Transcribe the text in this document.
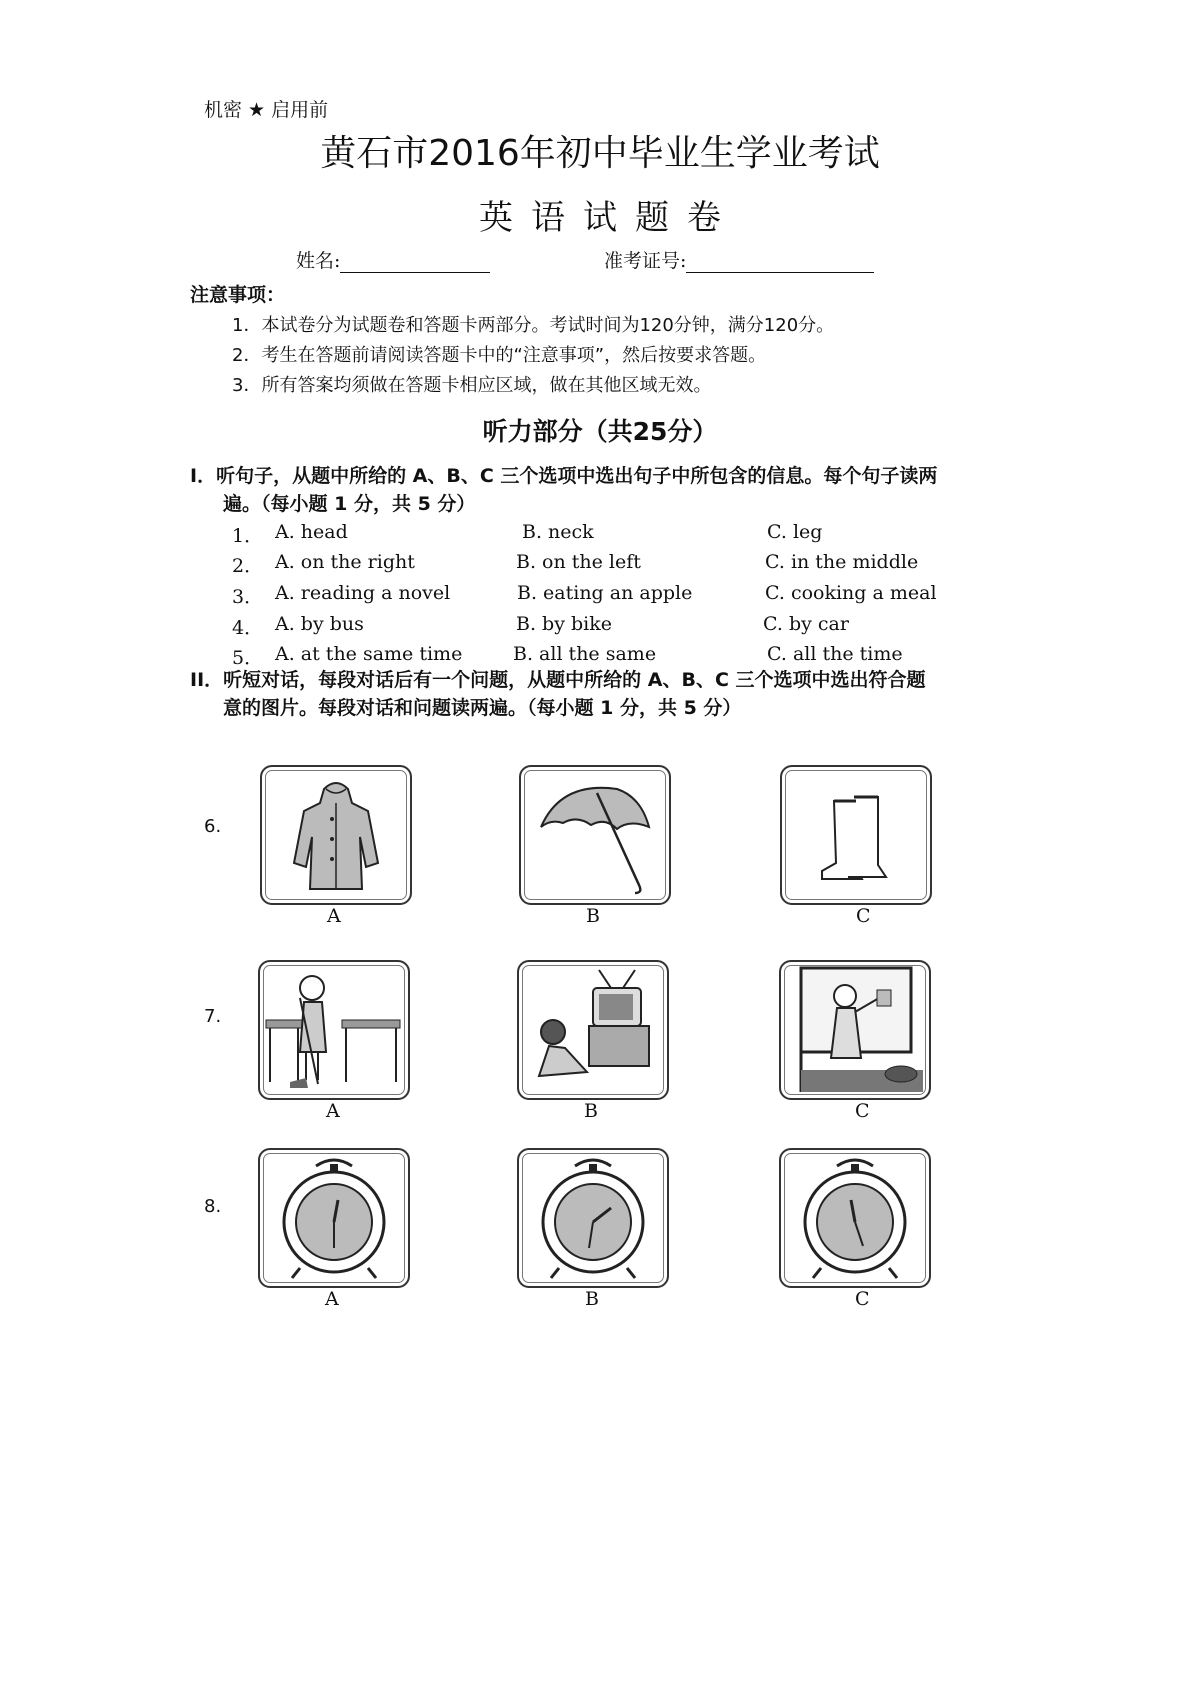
机密 ★ 启用前
黄石市2016年初中毕业生学业考试
英语试题卷
姓名:	准考证号:
注意事项：
1．本试卷分为试题卷和答题卡两部分。考试时间为120分钟，满分120分。
2．考生在答题前请阅读答题卡中的“注意事项”，然后按要求答题。
3．所有答案均须做在答题卡相应区域，做在其他区域无效。
听力部分（共25分）
I．听句子，从题中所给的 A、B、C 三个选项中选出句子中所包含的信息。每个句子读两
遍。（每小题 1 分，共 5 分）
1． A. head	B. neck	C. leg
2． A. on the right	B. on the left	C. in the middle
3． A. reading a novel	B. eating an apple	C. cooking a meal
4． A. by bus	B. by bike	C. by car
5． A. at the same time	B. all the same	C. all the time
II．听短对话，每段对话后有一个问题，从题中所给的 A、B、C 三个选项中选出符合题
意的图片。每段对话和问题读两遍。（每小题 1 分，共 5 分）
6.
A	B	C
7.
A	B	C
8.
A	B	C
